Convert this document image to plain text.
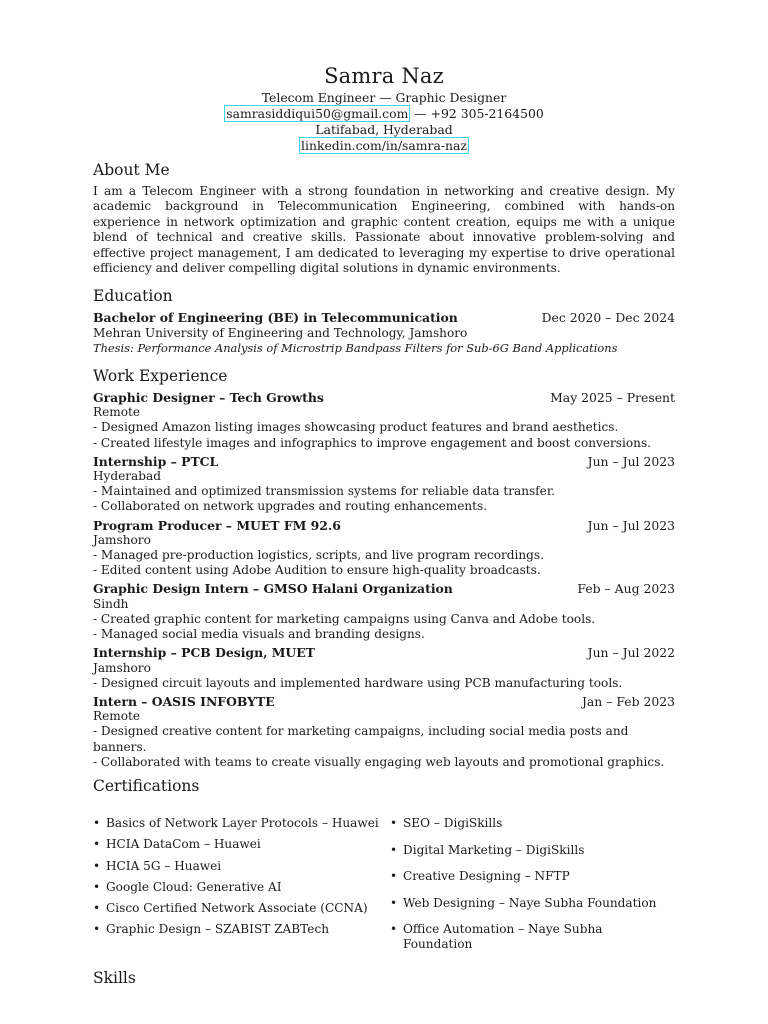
Samra Naz
Telecom Engineer — Graphic Designer
samrasiddiqui50@gmail.com — +92 305-2164500
Latifabad, Hyderabad
linkedin.com/in/samra-naz
About Me
I am a Telecom Engineer with a strong foundation in networking and creative design. My academic background in Telecommunication Engineering, combined with hands-on experience in network optimization and graphic content creation, equips me with a unique blend of technical and creative skills. Passionate about innovative problem-solving and effective project management, I am dedicated to leveraging my expertise to drive operational efficiency and deliver compelling digital solutions in dynamic environments.
Education
Bachelor of Engineering (BE) in Telecommunication	Dec 2020 – Dec 2024
Mehran University of Engineering and Technology, Jamshoro
Thesis: Performance Analysis of Microstrip Bandpass Filters for Sub-6G Band Applications
Work Experience
Graphic Designer – Tech Growths	May 2025 – Present
Remote
- Designed Amazon listing images showcasing product features and brand aesthetics.
- Created lifestyle images and infographics to improve engagement and boost conversions.
Internship – PTCL	Jun – Jul 2023
Hyderabad
- Maintained and optimized transmission systems for reliable data transfer.
- Collaborated on network upgrades and routing enhancements.
Program Producer – MUET FM 92.6	Jun – Jul 2023
Jamshoro
- Managed pre-production logistics, scripts, and live program recordings.
- Edited content using Adobe Audition to ensure high-quality broadcasts.
Graphic Design Intern – GMSO Halani Organization	Feb – Aug 2023
Sindh
- Created graphic content for marketing campaigns using Canva and Adobe tools.
- Managed social media visuals and branding designs.
Internship – PCB Design, MUET	Jun – Jul 2022
Jamshoro
- Designed circuit layouts and implemented hardware using PCB manufacturing tools.
Intern – OASIS INFOBYTE	Jan – Feb 2023
Remote
- Designed creative content for marketing campaigns, including social media posts and banners.
- Collaborated with teams to create visually engaging web layouts and promotional graphics.
Certifications
• Basics of Network Layer Protocols – Huawei
• HCIA DataCom – Huawei
• HCIA 5G – Huawei
• Google Cloud: Generative AI
• Cisco Certified Network Associate (CCNA)
• Graphic Design – SZABIST ZABTech
• SEO – DigiSkills
• Digital Marketing – DigiSkills
• Creative Designing – NFTP
• Web Designing – Naye Subha Foundation
• Office Automation – Naye Subha Foundation
Skills
